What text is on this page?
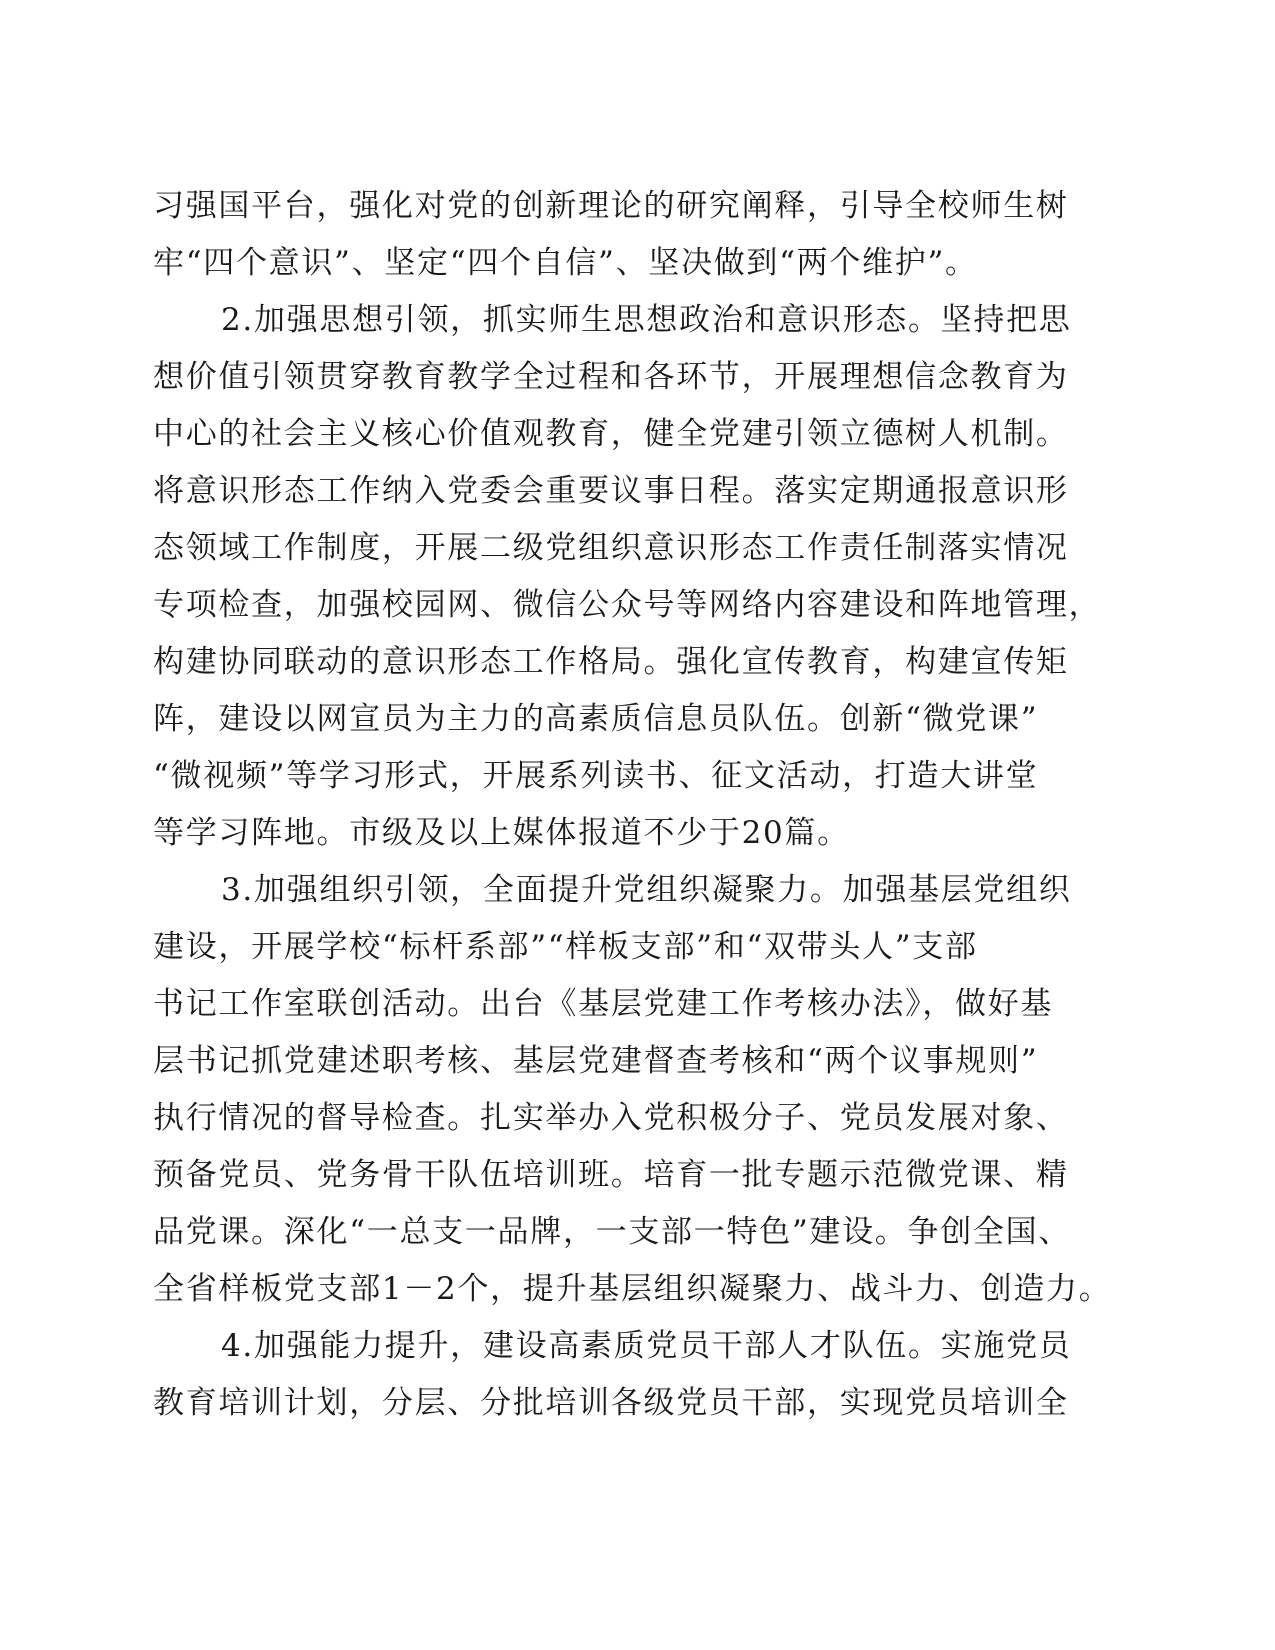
习强国平台，强化对党的创新理论的研究阐释，引导全校师生树
牢“四个意识”、坚定“四个自信”、坚决做到“两个维护”。
2.加强思想引领，抓实师生思想政治和意识形态。坚持把思
想价值引领贯穿教育教学全过程和各环节，开展理想信念教育为
中心的社会主义核心价值观教育，健全党建引领立德树人机制。
将意识形态工作纳入党委会重要议事日程。落实定期通报意识形
态领域工作制度，开展二级党组织意识形态工作责任制落实情况
专项检查，加强校园网、微信公众号等网络内容建设和阵地管理，
构建协同联动的意识形态工作格局。强化宣传教育，构建宣传矩
阵，建设以网宣员为主力的高素质信息员队伍。创新“微党课”
“微视频”等学习形式，开展系列读书、征文活动，打造大讲堂
等学习阵地。市级及以上媒体报道不少于20篇。
3.加强组织引领，全面提升党组织凝聚力。加强基层党组织
建设，开展学校“标杆系部”“样板支部”和“双带头人”支部
书记工作室联创活动。出台《基层党建工作考核办法》，做好基
层书记抓党建述职考核、基层党建督查考核和“两个议事规则”
执行情况的督导检查。扎实举办入党积极分子、党员发展对象、
预备党员、党务骨干队伍培训班。培育一批专题示范微党课、精
品党课。深化“一总支一品牌，一支部一特色”建设。争创全国、
全省样板党支部1－2个，提升基层组织凝聚力、战斗力、创造力。
4.加强能力提升，建设高素质党员干部人才队伍。实施党员
教育培训计划，分层、分批培训各级党员干部，实现党员培训全
